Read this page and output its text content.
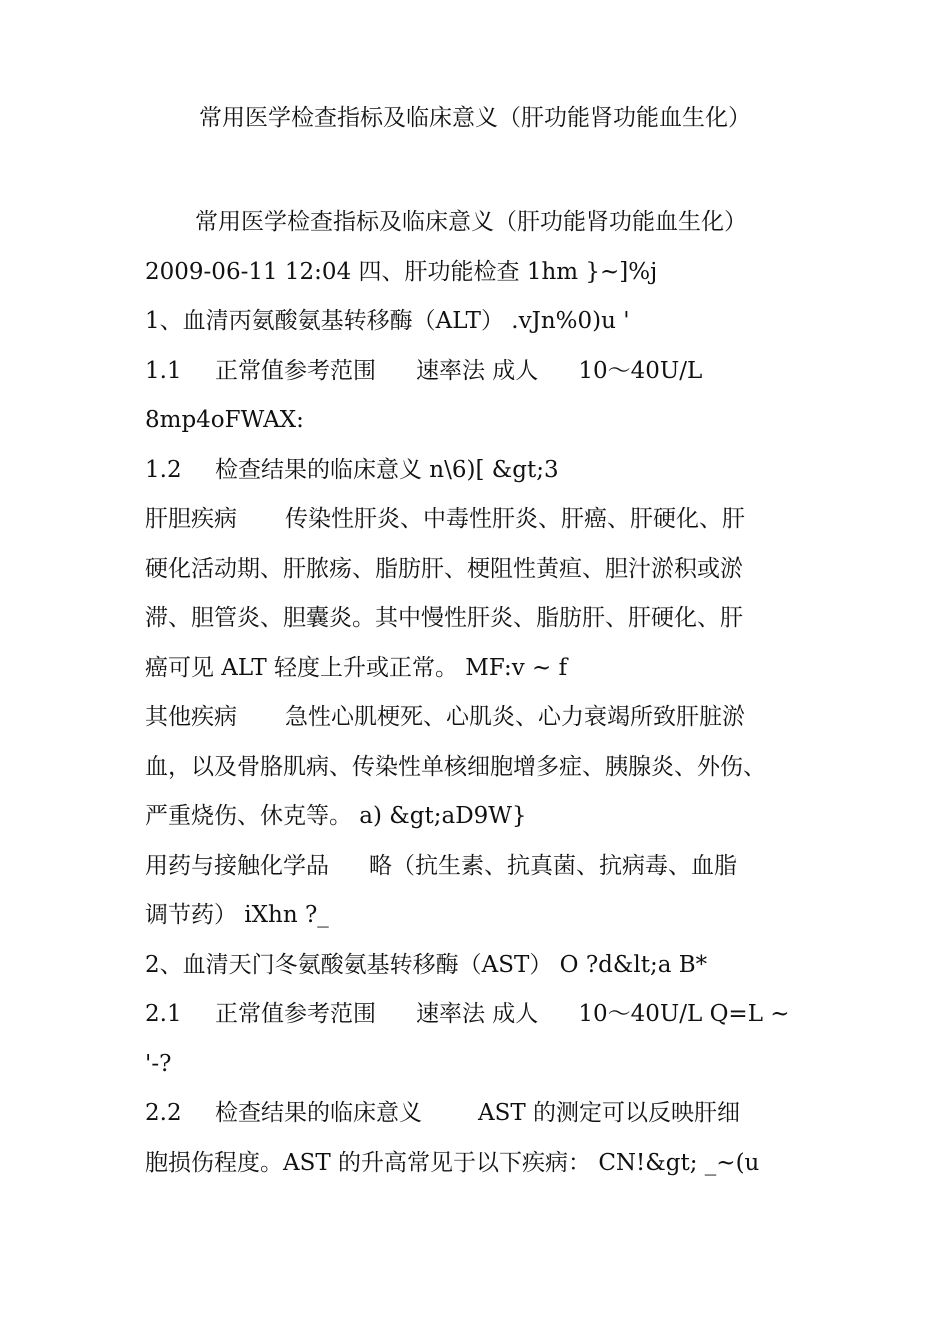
常用医学检查指标及临床意义（肝功能肾功能血生化）
常用医学检查指标及临床意义（肝功能肾功能血生化）
2009-06-11 12:04 四、肝功能检查 1hm }~]%j
1、血清丙氨酸氨基转移酶（ALT） .vJn%0)u '
1.1 正常值参考范围 速率法 成人 10～40U/L
8mp4oFWAX:
1.2 检查结果的临床意义 n\6)[ &gt;3
肝胆疾病 传染性肝炎、中毒性肝炎、肝癌、肝硬化、肝
硬化活动期、肝脓疡、脂肪肝、梗阻性黄疸、胆汁淤积或淤
滞、胆管炎、胆囊炎。其中慢性肝炎、脂肪肝、肝硬化、肝
癌可见 ALT 轻度上升或正常。 MF:v ~ f
其他疾病 急性心肌梗死、心肌炎、心力衰竭所致肝脏淤
血，以及骨胳肌病、传染性单核细胞增多症、胰腺炎、外伤、
严重烧伤、休克等。 a) &gt;aD9W}
用药与接触化学品 略（抗生素、抗真菌、抗病毒、血脂
调节药） iXhn ?_
2、血清天门冬氨酸氨基转移酶（AST） O ?d&lt;a B*
2.1 正常值参考范围 速率法 成人 10～40U/L Q=L ~
'-?
2.2 检查结果的临床意义 AST 的测定可以反映肝细
胞损伤程度。AST 的升高常见于以下疾病： CN!&gt; _~(u
